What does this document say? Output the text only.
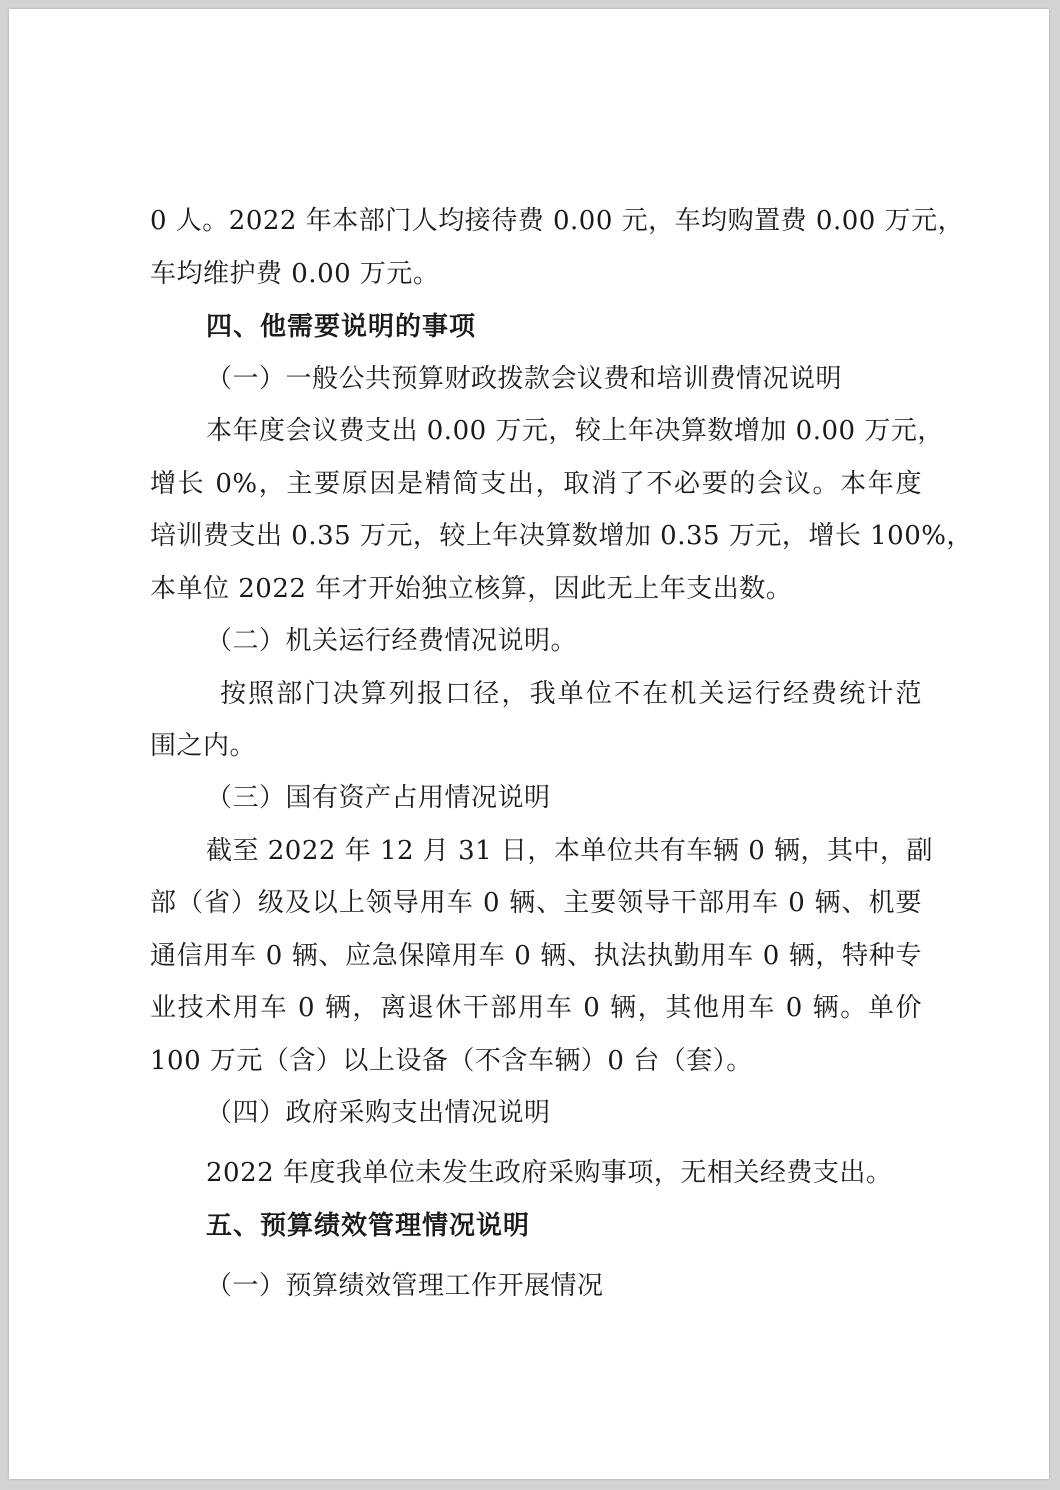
0 人。2022 年本部门人均接待费 0.00 元，车均购置费 0.00 万元，
车均维护费 0.00 万元。
四、他需要说明的事项
（一）一般公共预算财政拨款会议费和培训费情况说明
本年度会议费支出 0.00 万元，较上年决算数增加 0.00 万元，
增长 0%，主要原因是精简支出，取消了不必要的会议。本年度
培训费支出 0.35 万元，较上年决算数增加 0.35 万元，增长 100%，
本单位 2022 年才开始独立核算，因此无上年支出数。
（二）机关运行经费情况说明。
按照部门决算列报口径，我单位不在机关运行经费统计范
围之内。
（三）国有资产占用情况说明
截至 2022 年 12 月 31 日，本单位共有车辆 0 辆，其中，副
部（省）级及以上领导用车 0 辆、主要领导干部用车 0 辆、机要
通信用车 0 辆、应急保障用车 0 辆、执法执勤用车 0 辆，特种专
业技术用车 0 辆，离退休干部用车 0 辆，其他用车 0 辆。单价
100 万元（含）以上设备（不含车辆）0 台（套）。
（四）政府采购支出情况说明
2022 年度我单位未发生政府采购事项，无相关经费支出。
五、预算绩效管理情况说明
（一）预算绩效管理工作开展情况
